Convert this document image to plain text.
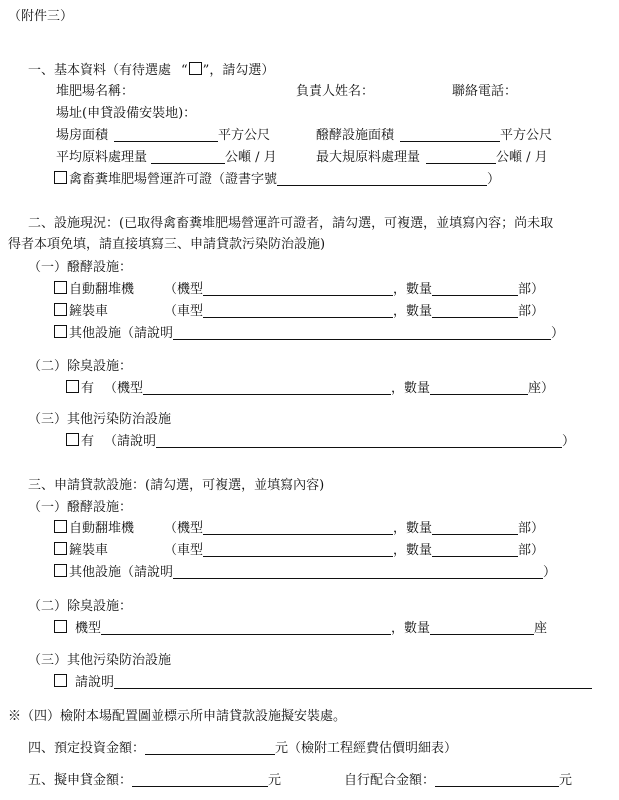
（附件三）
一、基本資料（有待選處 “ ”，請勾選）
堆肥場名稱：	負責人姓名：	聯絡電話：
場址(申貸設備安裝地)：
場房面積	平方公尺	醱酵設施面積	平方公尺
平均原料處理量	公噸 / 月	最大規原料處理量	公噸 / 月
禽畜糞堆肥場營運許可證（證書字號	）
二、設施現況：(已取得禽畜糞堆肥場營運許可證者，請勾選，可複選，並填寫內容；尚未取
得者本項免填，請直接填寫三、申請貸款污染防治設施)
（一）醱酵設施：
自動翻堆機 （機型	，數量	部）
鏟裝車	（車型	，數量	部）
其他設施（請說明	）
（二）除臭設施：
有 （機型	，數量	座）
（三）其他污染防治設施
有 （請說明	）
三、申請貸款設施：(請勾選，可複選，並填寫內容)
（一）醱酵設施：
自動翻堆機 （機型	，數量	部）
鏟裝車	（車型	，數量	部）
其他設施（請說明	）
（二）除臭設施：
機型	，數量	座
（三）其他污染防治設施
請說明
※（四）檢附本場配置圖並標示所申請貸款設施擬安裝處。
四、預定投資金額：	元（檢附工程經費估價明細表）
五、擬申貸金額：	元	自行配合金額：	元
